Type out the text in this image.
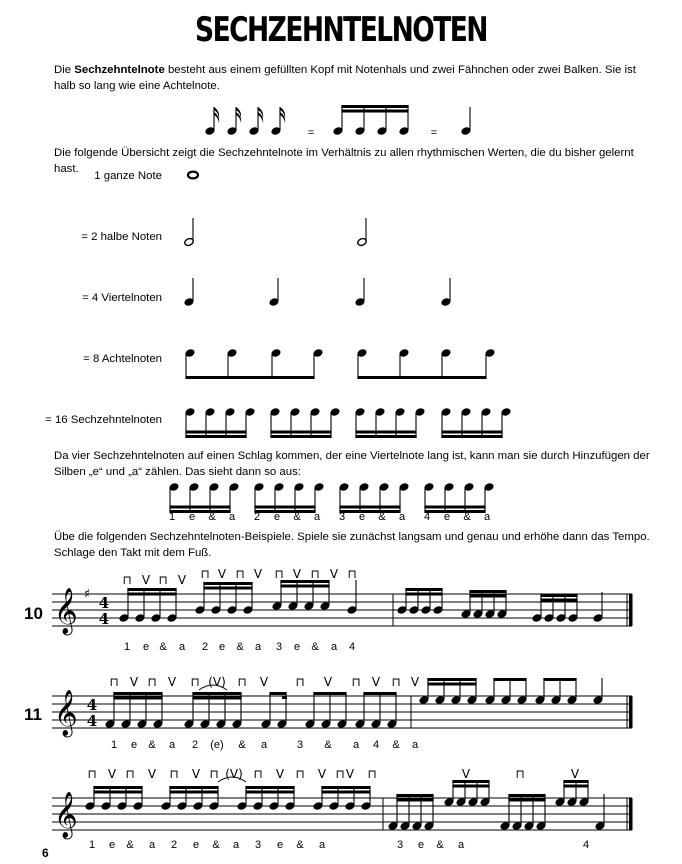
SECHZEHNTELNOTEN
Die Sechzehntelnote besteht aus einem gefüllten Kopf mit Notenhals und zwei Fähnchen oder zwei Balken. Sie ist halb so lang wie eine Achtelnote.
Die folgende Übersicht zeigt die Sechzehntelnote im Verhältnis zu allen rhythmischen Werten, die du bisher gelernt hast.
1 ganze Note
= 2 halbe Noten
= 4 Viertelnoten
= 8 Achtelnoten
= 16 Sechzehntelnoten
Da vier Sechzehntelnoten auf einen Schlag kommen, der eine Viertelnote lang ist, kann man sie durch Hinzufügen der Silben „e“ und „a“ zählen. Das sieht dann so aus:
Übe die folgenden Sechzehntelnoten-Beispiele. Spiele sie zunächst langsam und genau und erhöhe dann das Tempo. Schlage den Takt mit dem Fuß.
10
11
6
=	=
1 e & a 2 e & a 3 e & a 4 e & a
𝄞 ♯ 4
4
⊓ V ⊓ V ⊓ V ⊓ V ⊓ V ⊓ V ⊓
1 e & a 2 e & a 3 e & a 4
𝄞 4
4
⊓ V ⊓ V ⊓ (V) ⊓ V ⊓ V ⊓ V ⊓ V
1 e & a 2 (e) & a	3 & a 4 & a
𝄞
⊓ V ⊓ V ⊓ V ⊓ (V) ⊓ V ⊓ V ⊓ V ⊓	V	⊓	V
1 e & a 2 e & a 3 e & a	3 e & a	4
